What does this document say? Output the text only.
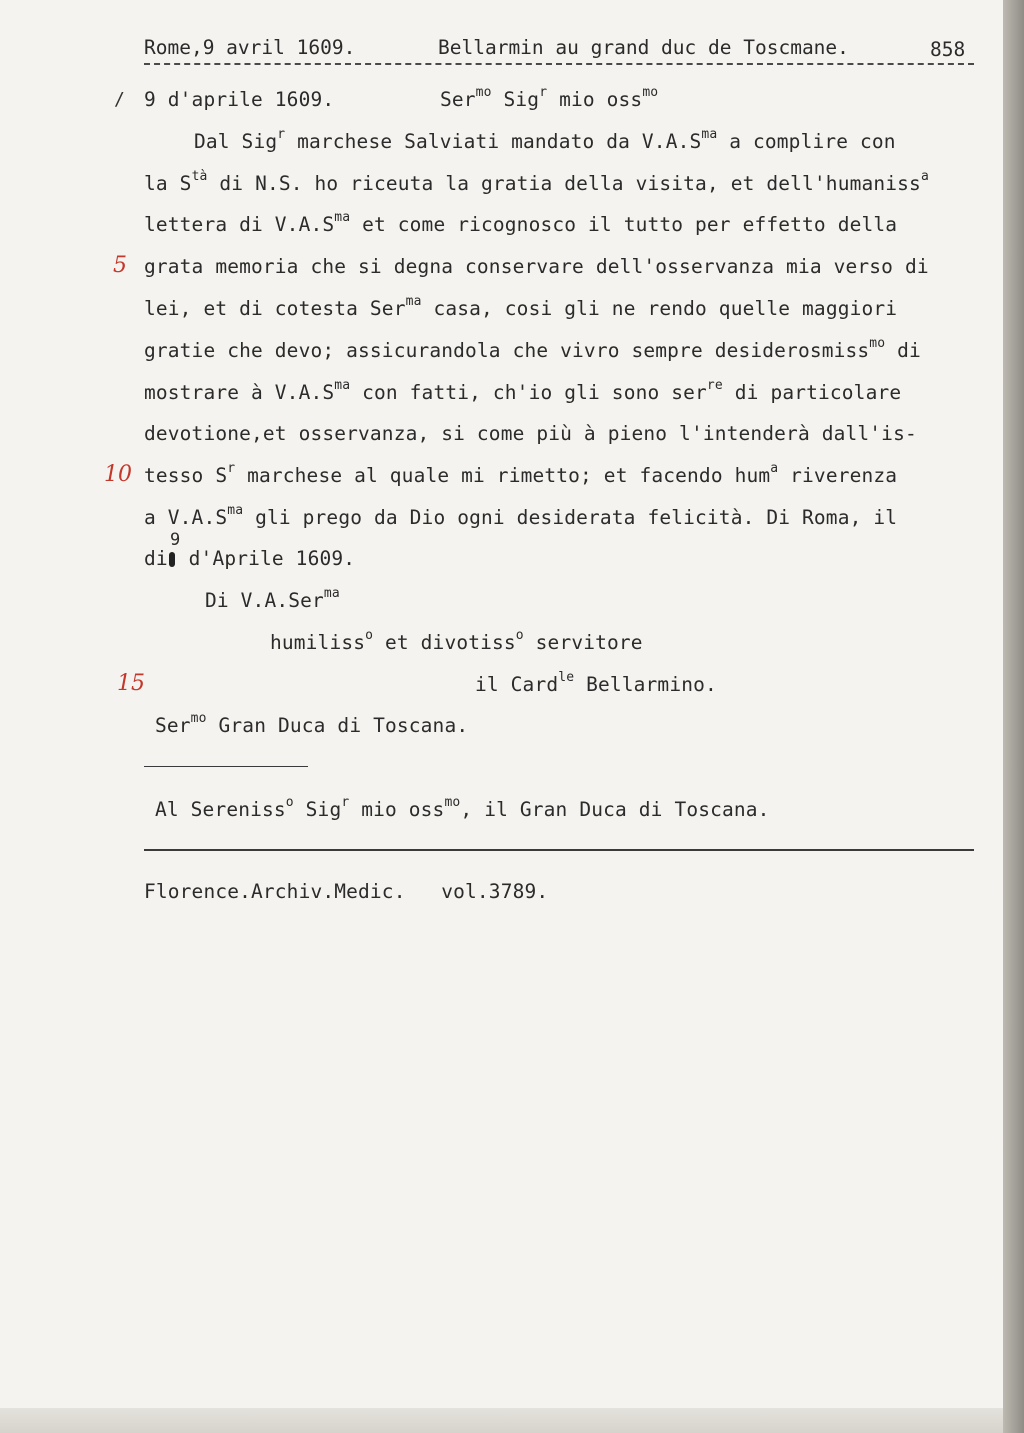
Rome,9 avril 1609.	Bellarmin au grand duc de Toscmane.	858
/
5
10
15
9 d'aprile 1609.	Ser$^{mo}$ Sig$^r$ mio oss$^{mo}$
Dal Sig$^r$ marchese Salviati mandato da $V.A.S^{ma}$ a complire con
la $S^{tà}$ di N.S. ho riceuta la gratia della visita, et dell'humaniss$^a$
lettera di $V.A.S^{ma}$ et come ricognosco il tutto per effetto della
grata memoria che si degna conservare dell'osservanza mia verso di
lei, et di cotesta Ser$^{ma}$ casa, cosi gli ne rendo quelle maggiori
gratie che devo; assicurandola che vivro sempre desiderosmiss$^{mo}$ di
mostrare à $V.A.S^{ma}$ con fatti, ch'io gli sono ser$^{re}$ di particolare
devotione,et osservanza, si come più à pieno l'intenderà dall'is-
tesso $S^r$ marchese al quale mi rimetto; et facendo hum$^a$ riverenza
a $V.A.S^{ma}$ gli prego da Dio ogni desiderata felicità. Di Roma, il
9
di d'Aprile 1609.
Di V.A.Ser$^{ma}$
humiliss$^o$ et divotiss$^o$ servitore
il Card$^{le}$ Bellarmino.
Ser$^{mo}$ Gran Duca di Toscana.
Al Sereniss$^o$ Sig$^r$ mio oss$^{mo}$, il Gran Duca di Toscana.
Florence.Archiv.Medic.   vol.3789.
